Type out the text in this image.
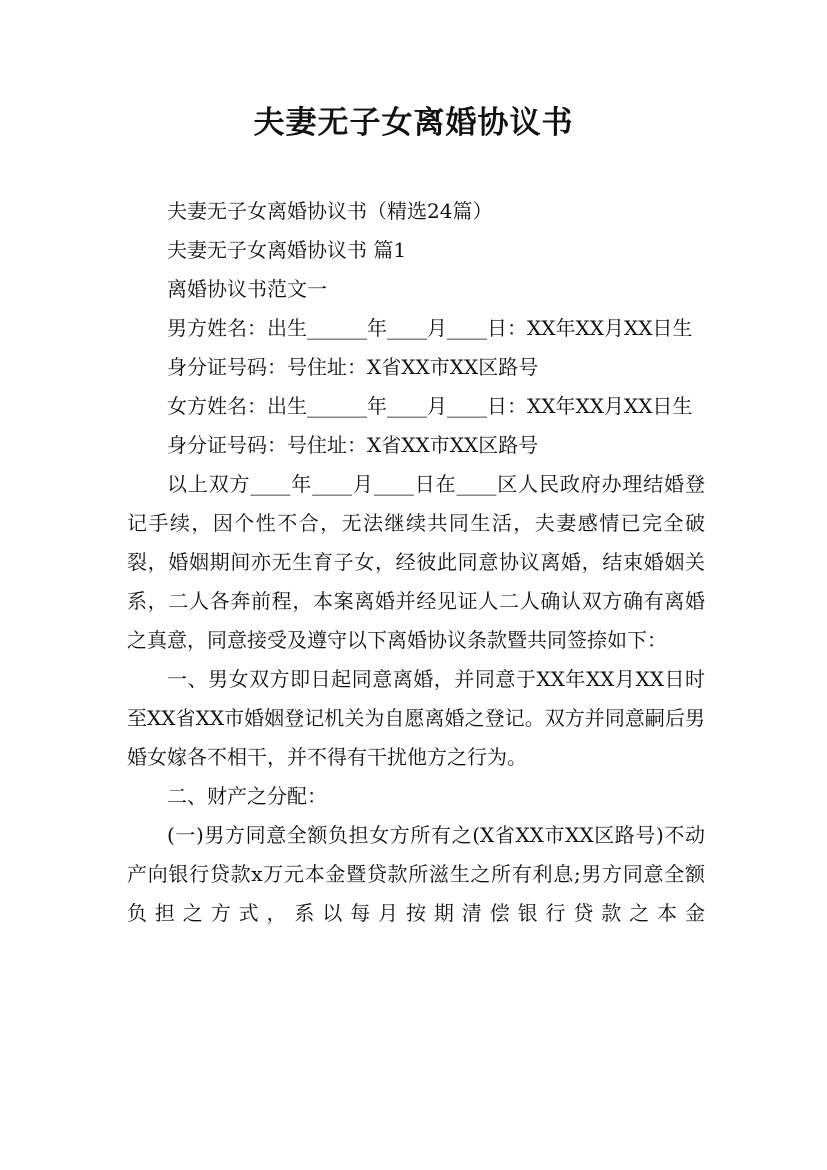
夫妻无子女离婚协议书

夫妻无子女离婚协议书（精选24篇）

夫妻无子女离婚协议书 篇1

离婚协议书范文一

男方姓名：出生______年____月____日：XX年XX月XX日生

身分证号码：号住址：X省XX市XX区路号

女方姓名：出生______年____月____日：XX年XX月XX日生

身分证号码：号住址：X省XX市XX区路号

以上双方____年____月____日在____区人民政府办理结婚登记手续，因个性不合，无法继续共同生活，夫妻感情已完全破裂，婚姻期间亦无生育子女，经彼此同意协议离婚，结束婚姻关系，二人各奔前程，本案离婚并经见证人二人确认双方确有离婚之真意，同意接受及遵守以下离婚协议条款暨共同签捺如下：

一、男女双方即日起同意离婚，并同意于XX年XX月XX日时至XX省XX市婚姻登记机关为自愿离婚之登记。双方并同意嗣后男婚女嫁各不相干，并不得有干扰他方之行为。

二、财产之分配：

(一)男方同意全额负担女方所有之(X省XX市XX区路号)不动产向银行贷款x万元本金暨贷款所滋生之所有利息;男方同意全额负担之方式，系以每月按期清偿银行贷款之本金
